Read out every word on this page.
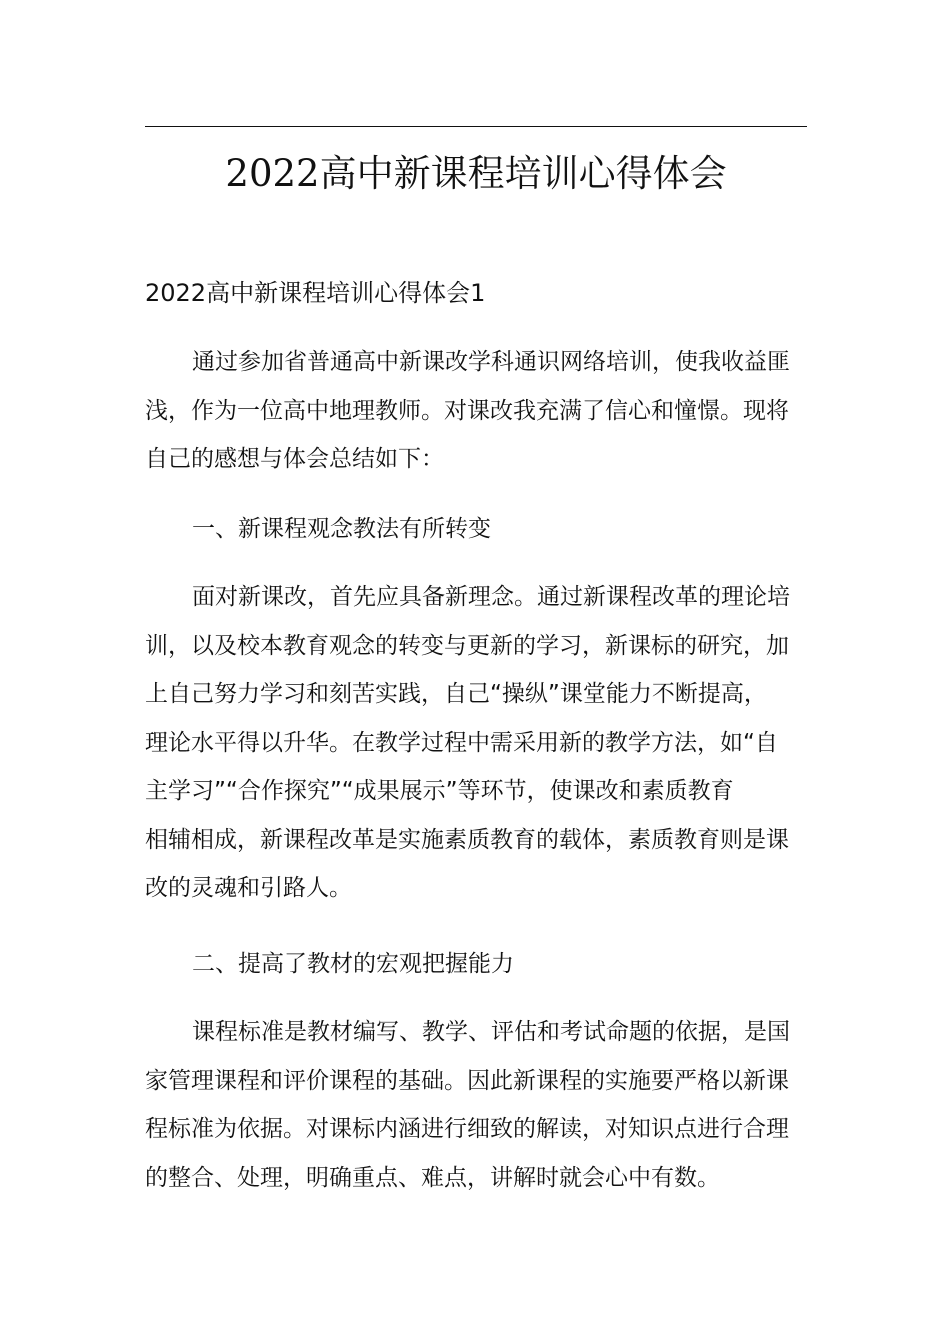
2022高中新课程培训心得体会
2022高中新课程培训心得体会1
通过参加省普通高中新课改学科通识网络培训，使我收益匪
浅，作为一位高中地理教师。对课改我充满了信心和憧憬。现将
自己的感想与体会总结如下：
一、新课程观念教法有所转变
面对新课改，首先应具备新理念。通过新课程改革的理论培
训，以及校本教育观念的转变与更新的学习，新课标的研究，加
上自己努力学习和刻苦实践，自己“操纵”课堂能力不断提高，
理论水平得以升华。在教学过程中需采用新的教学方法，如“自
主学习”“合作探究”“成果展示”等环节，使课改和素质教育
相辅相成，新课程改革是实施素质教育的载体，素质教育则是课
改的灵魂和引路人。
二、提高了教材的宏观把握能力
课程标准是教材编写、教学、评估和考试命题的依据，是国
家管理课程和评价课程的基础。因此新课程的实施要严格以新课
程标准为依据。对课标内涵进行细致的解读，对知识点进行合理
的整合、处理，明确重点、难点，讲解时就会心中有数。
